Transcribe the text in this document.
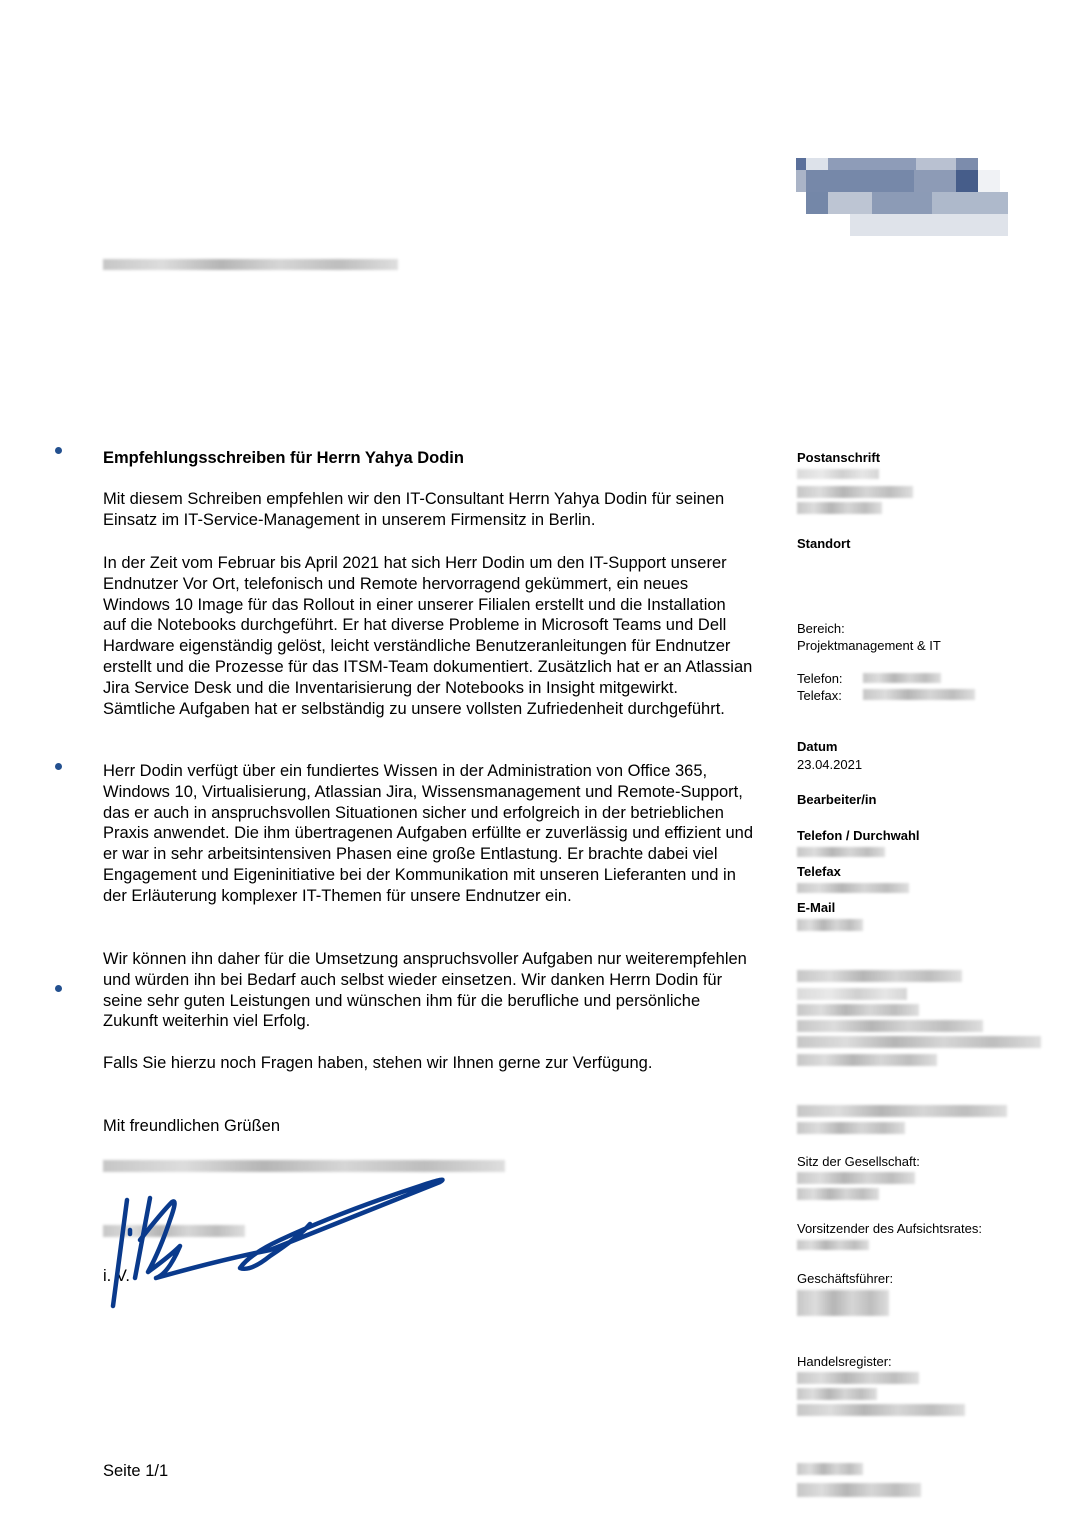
Empfehlungsschreiben für Herrn Yahya Dodin

Mit diesem Schreiben empfehlen wir den IT-Consultant Herrn Yahya Dodin für seinen Einsatz im IT-Service-Management in unserem Firmensitz in Berlin.

In der Zeit vom Februar bis April 2021 hat sich Herr Dodin um den IT-Support unserer Endnutzer Vor Ort, telefonisch und Remote hervorragend gekümmert, ein neues Windows 10 Image für das Rollout in einer unserer Filialen erstellt und die Installation auf die Notebooks durchgeführt. Er hat diverse Probleme in Microsoft Teams und Dell Hardware eigenständig gelöst, leicht verständliche Benutzeranleitungen für Endnutzer erstellt und die Prozesse für das ITSM-Team dokumentiert. Zusätzlich hat er an Atlassian Jira Service Desk und die Inventarisierung der Notebooks in Insight mitgewirkt. Sämtliche Aufgaben hat er selbständig zu unsere vollsten Zufriedenheit durchgeführt.

Herr Dodin verfügt über ein fundiertes Wissen in der Administration von Office 365, Windows 10, Virtualisierung, Atlassian Jira, Wissensmanagement und Remote-Support, das er auch in anspruchsvollen Situationen sicher und erfolgreich in der betrieblichen Praxis anwendet. Die ihm übertragenen Aufgaben erfüllte er zuverlässig und effizient und er war in sehr arbeitsintensiven Phasen eine große Entlastung. Er brachte dabei viel Engagement und Eigeninitiative bei der Kommunikation mit unseren Lieferanten und in der Erläuterung komplexer IT-Themen für unsere Endnutzer ein.

Wir können ihn daher für die Umsetzung anspruchsvoller Aufgaben nur weiterempfehlen und würden ihn bei Bedarf auch selbst wieder einsetzen. Wir danken Herrn Dodin für seine sehr guten Leistungen und wünschen ihm für die berufliche und persönliche Zukunft weiterhin viel Erfolg.

Falls Sie hierzu noch Fragen haben, stehen wir Ihnen gerne zur Verfügung.

Mit freundlichen Grüßen

i. V.
Seite 1/1
Postanschrift
Standort
Bereich:
Projektmanagement & IT
Telefon:
Telefax:
Datum
23.04.2021
Bearbeiter/in
Telefon / Durchwahl
Telefax
E-Mail
Sitz der Gesellschaft:
Vorsitzender des Aufsichtsrates:
Geschäftsführer:
Handelsregister:
